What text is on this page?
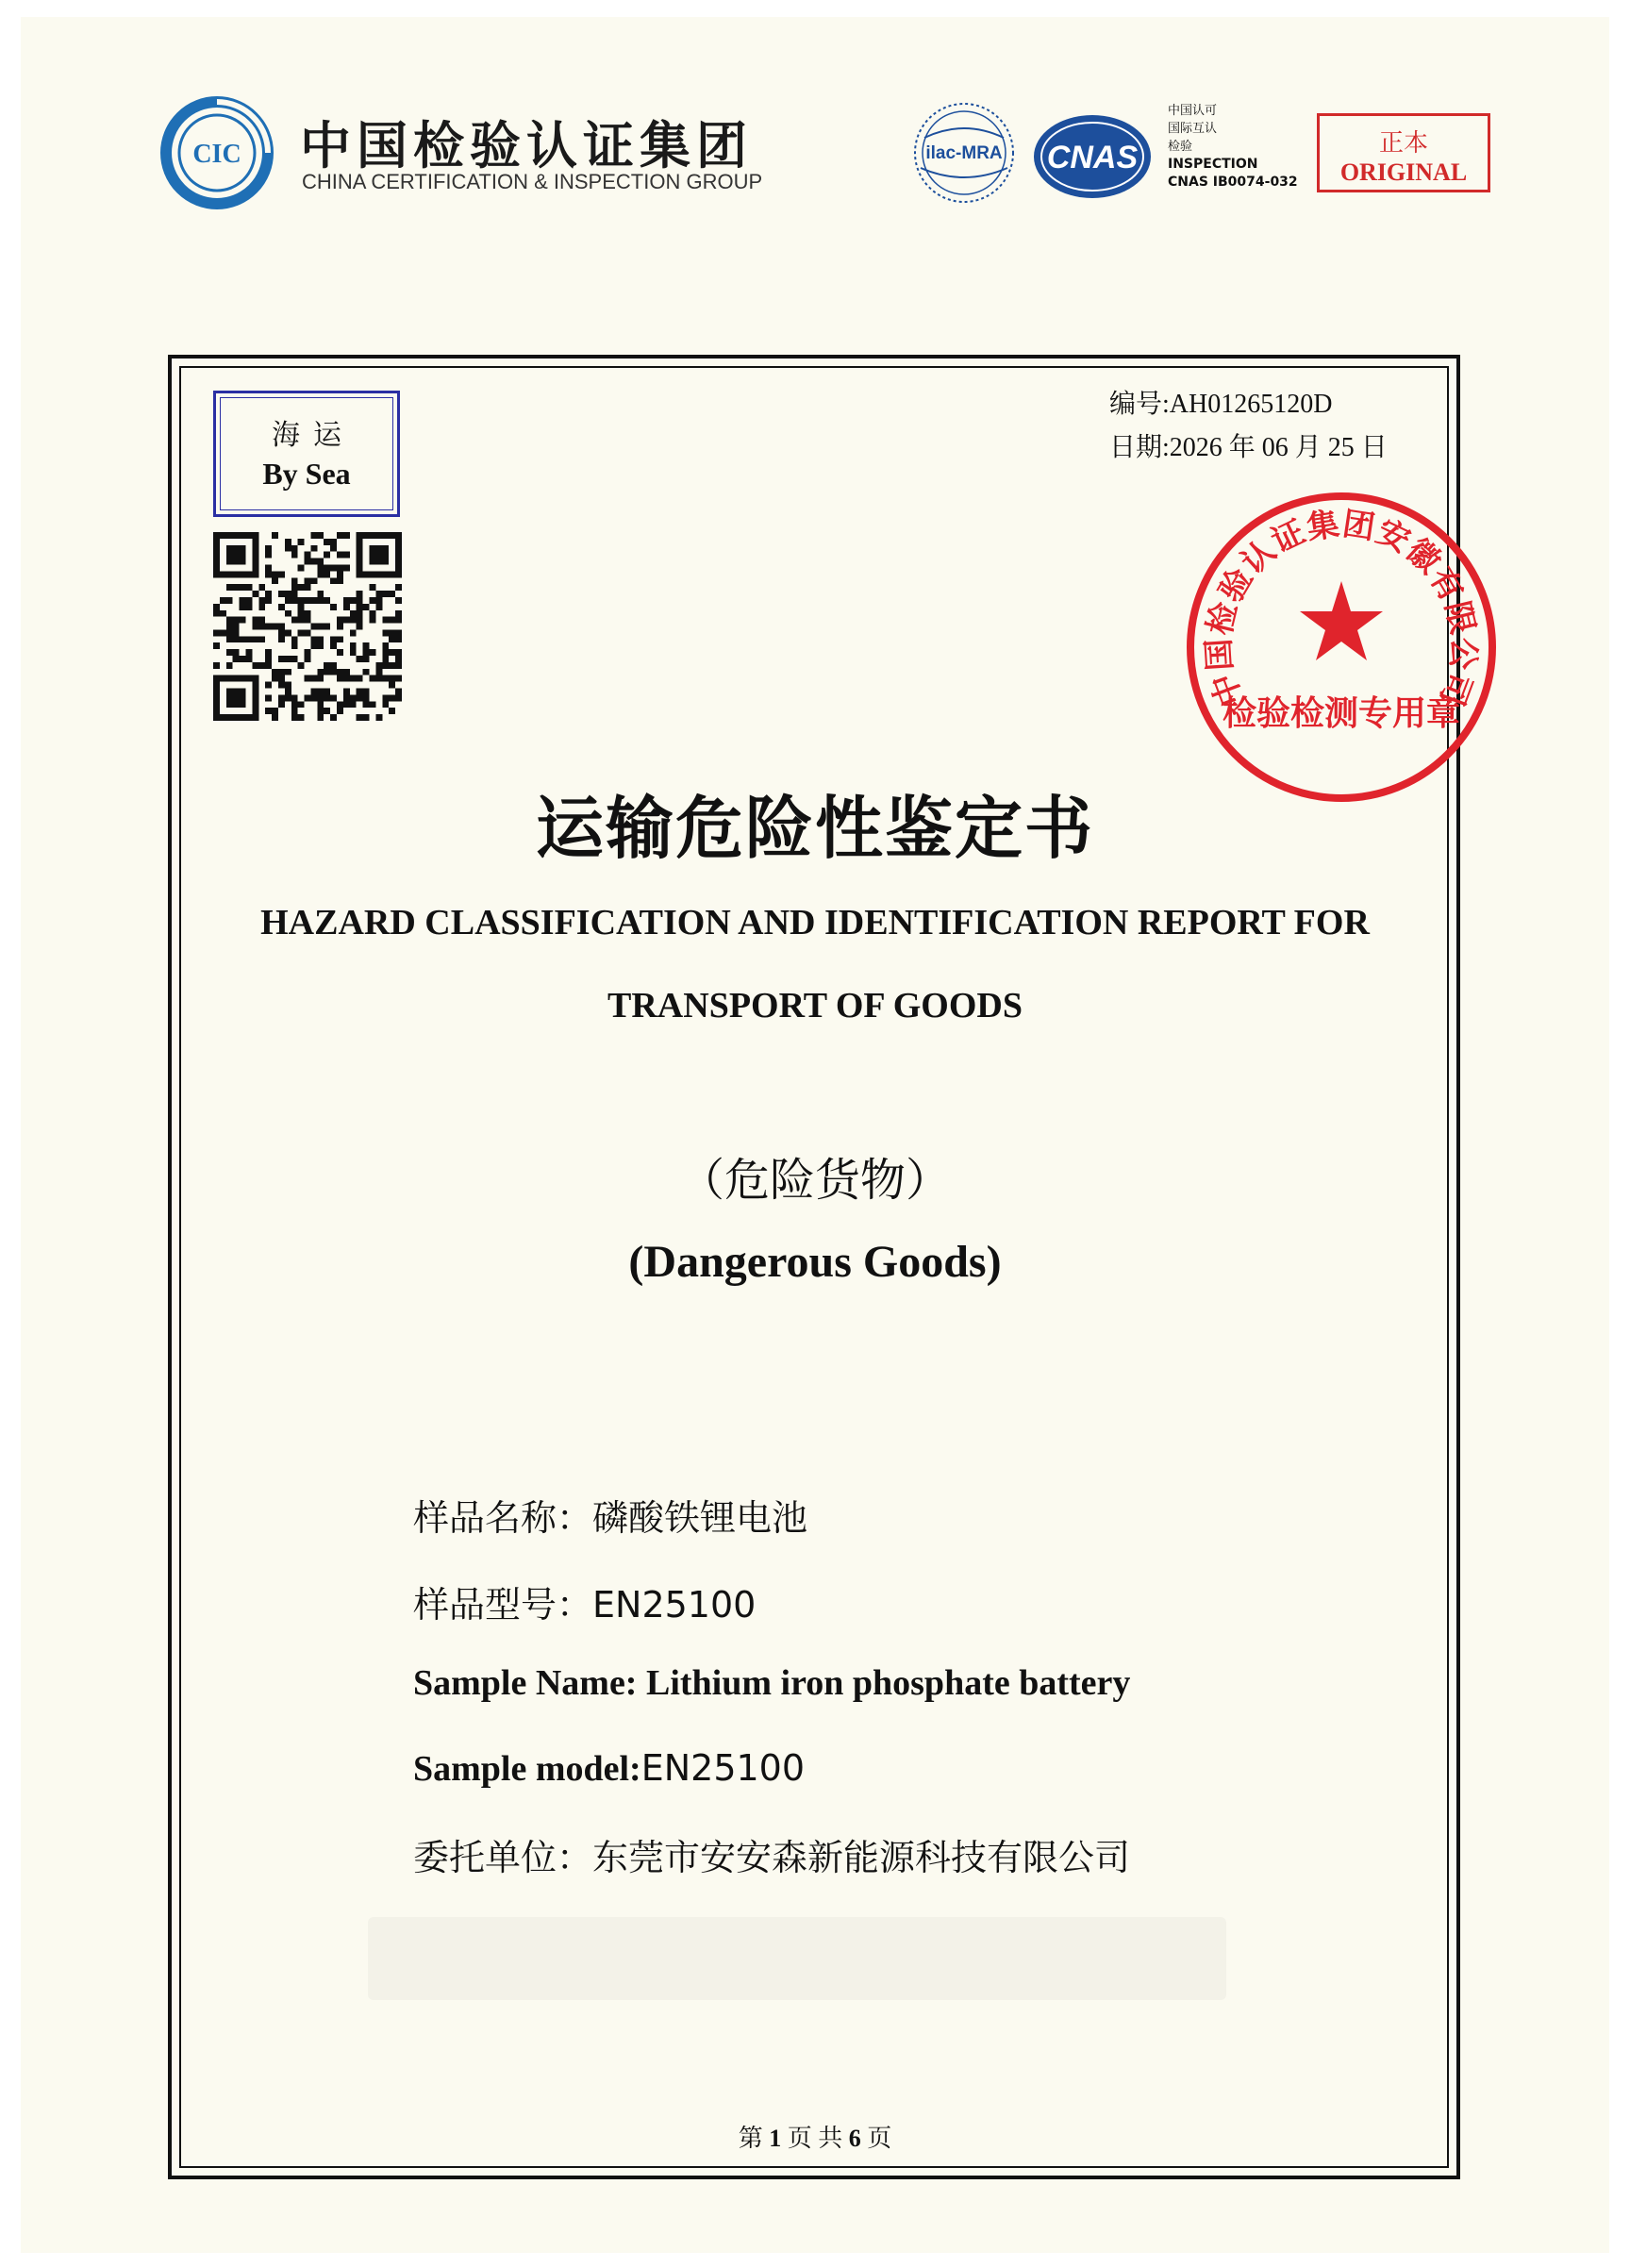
CIC 中国检验认证集团
CHINA CERTIFICATION & INSPECTION GROUP
ilac-MRA CNAS
中国认可
国际互认
检验
INSPECTION
CNAS IB0074-032
正本
ORIGINAL
海运
By Sea
编号:AH01265120D
日期:2026 年 06 月 25 日
中国检验认证集团安徽有限公司
检验检测专用章
运输危险性鉴定书
HAZARD CLASSIFICATION AND IDENTIFICATION REPORT FOR
TRANSPORT OF GOODS
（危险货物）
(Dangerous Goods)
样品名称：磷酸铁锂电池
样品型号：EN25100
Sample Name: Lithium iron phosphate battery
Sample model:EN25100
委托单位：东莞市安安森新能源科技有限公司
第 1 页 共 6 页
